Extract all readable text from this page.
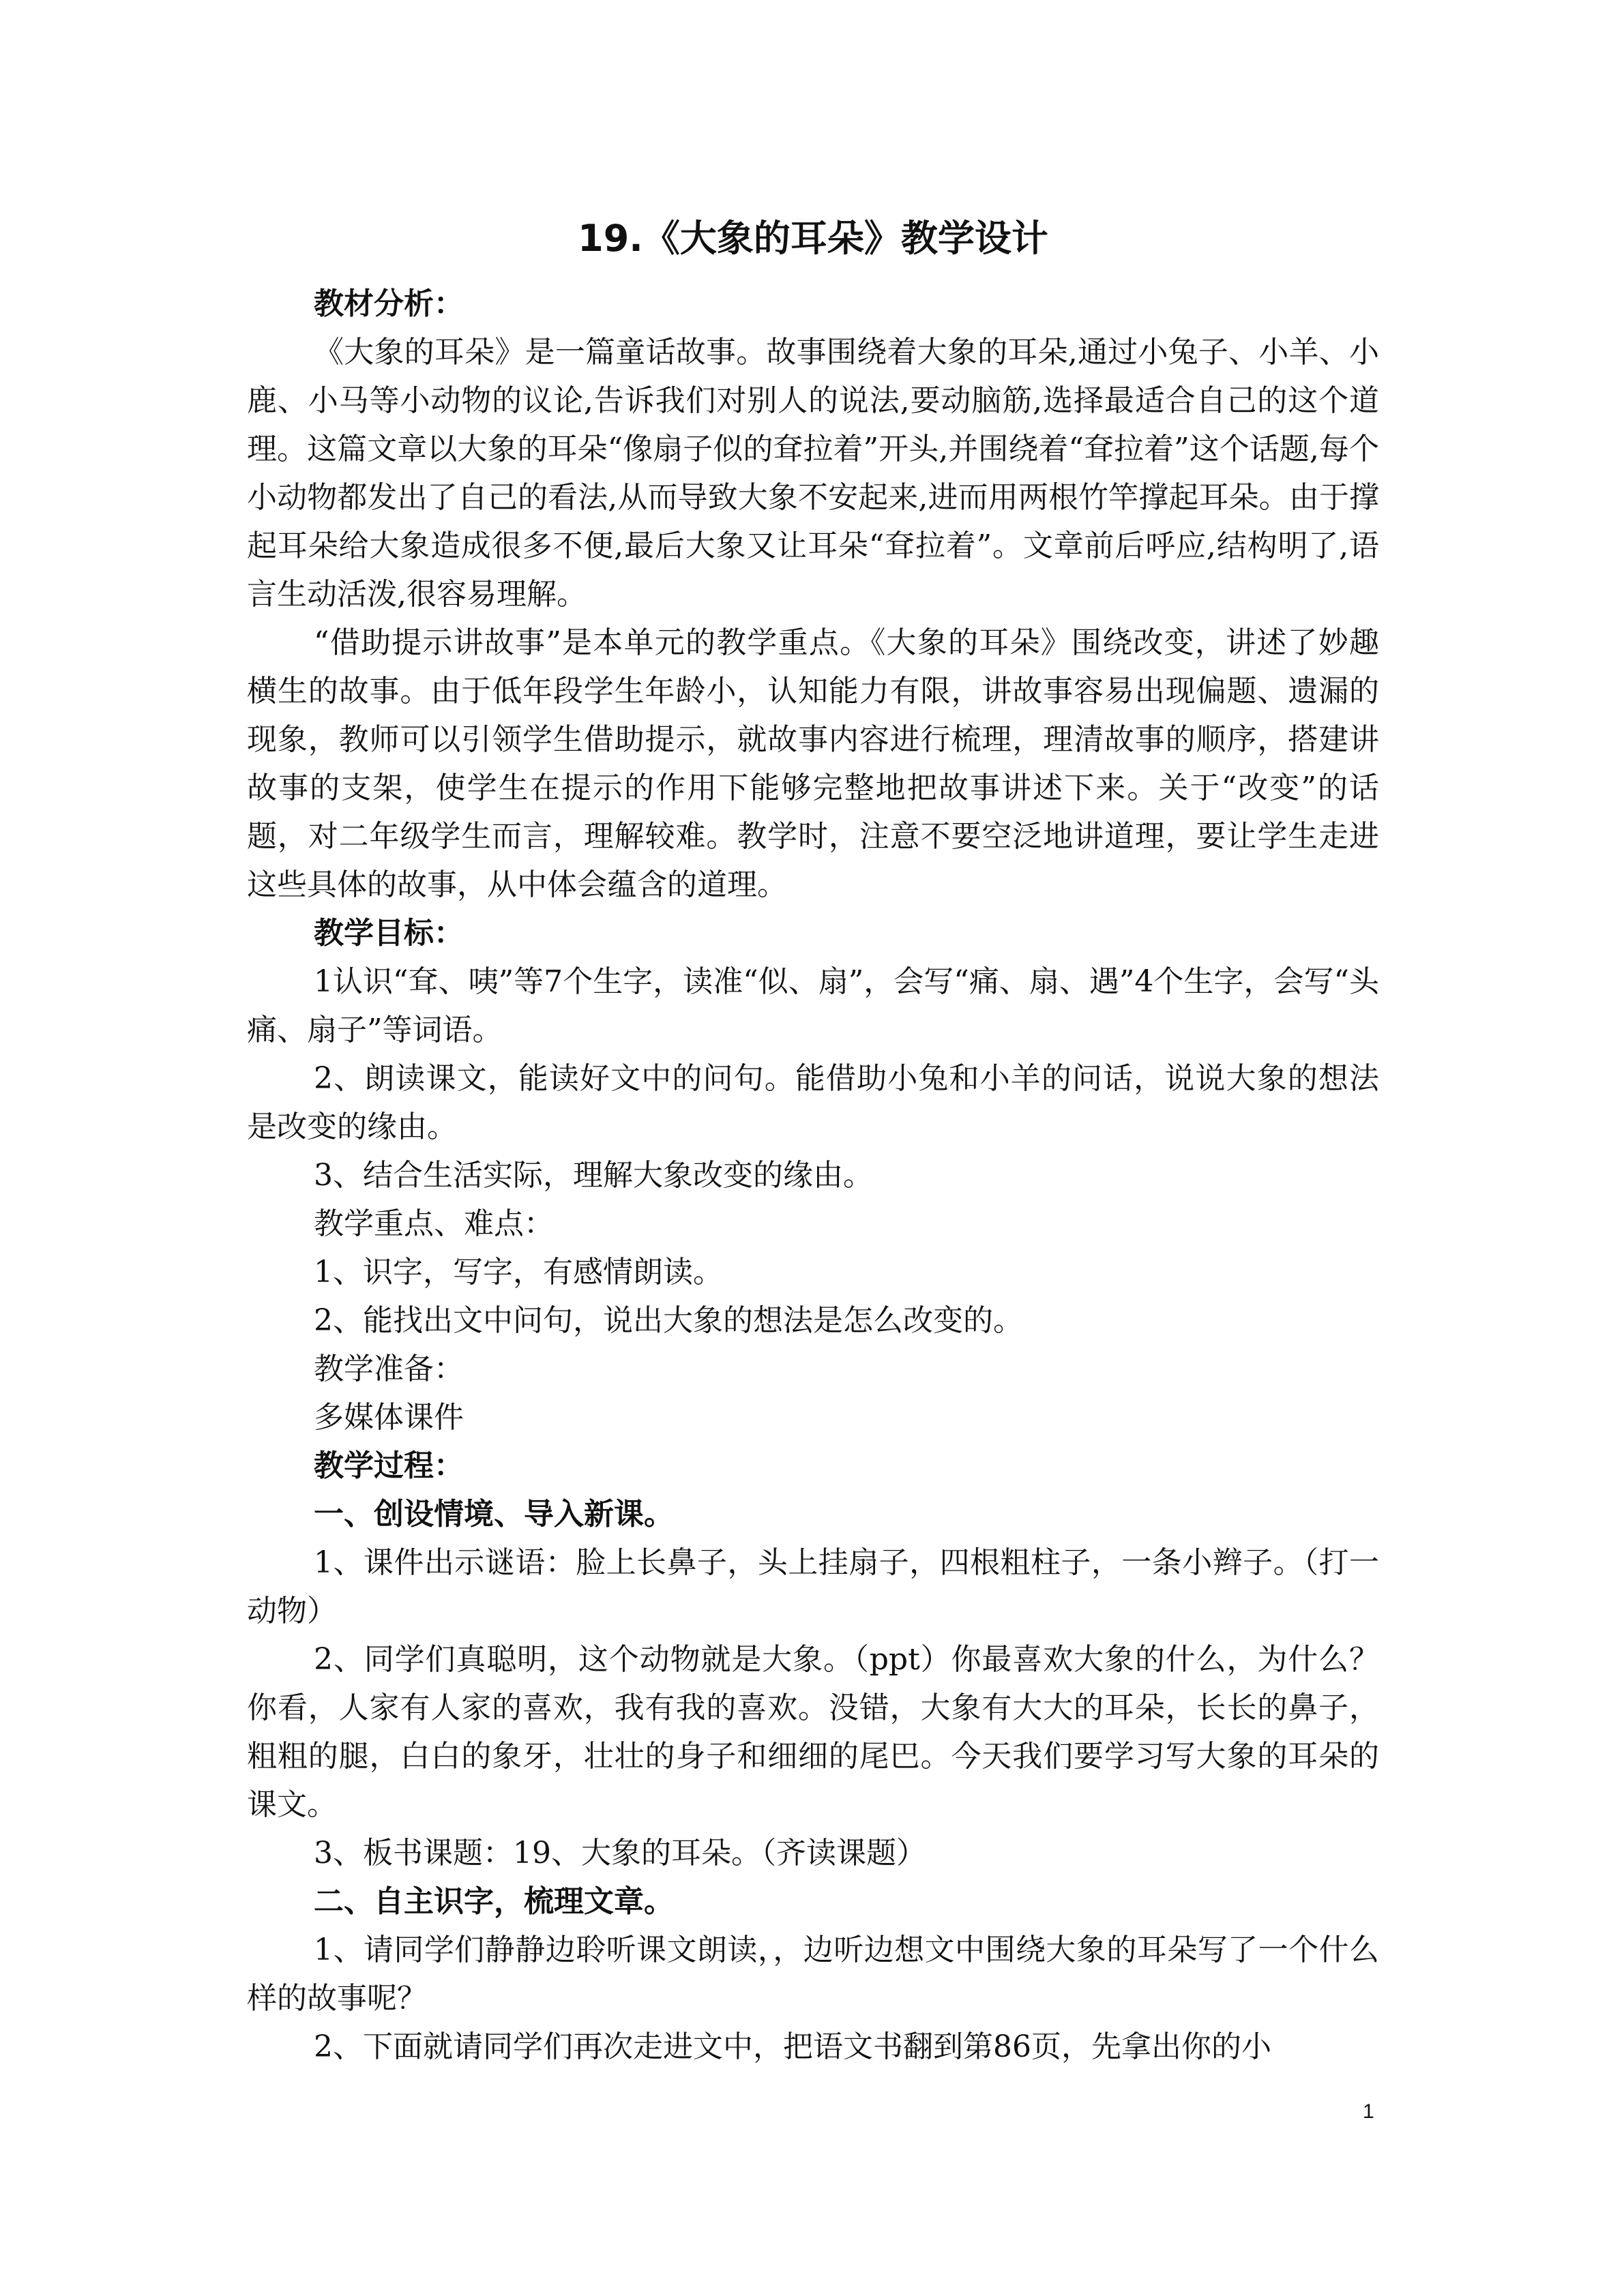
19.《大象的耳朵》教学设计

教材分析：

《大象的耳朵》是一篇童话故事。故事围绕着大象的耳朵,通过小兔子、小羊、小鹿、小马等小动物的议论,告诉我们对别人的说法,要动脑筋,选择最适合自己的这个道理。这篇文章以大象的耳朵“像扇子似的耷拉着”开头,并围绕着“耷拉着”这个话题,每个小动物都发出了自己的看法,从而导致大象不安起来,进而用两根竹竿撑起耳朵。由于撑起耳朵给大象造成很多不便,最后大象又让耳朵“耷拉着”。文章前后呼应,结构明了,语言生动活泼,很容易理解。

“借助提示讲故事”是本单元的教学重点。《大象的耳朵》围绕改变，讲述了妙趣横生的故事。由于低年段学生年龄小，认知能力有限，讲故事容易出现偏题、遗漏的现象，教师可以引领学生借助提示，就故事内容进行梳理，理清故事的顺序，搭建讲故事的支架，使学生在提示的作用下能够完整地把故事讲述下来。关于“改变”的话题，对二年级学生而言，理解较难。教学时，注意不要空泛地讲道理，要让学生走进这些具体的故事，从中体会蕴含的道理。

教学目标：

1认识“耷、咦”等7个生字，读准“似、扇”，会写“痛、扇、遇”4个生字，会写“头痛、扇子”等词语。

2、朗读课文，能读好文中的问句。能借助小兔和小羊的问话，说说大象的想法是改变的缘由。

3、结合生活实际，理解大象改变的缘由。

教学重点、难点：

1、识字，写字，有感情朗读。

2、能找出文中问句，说出大象的想法是怎么改变的。

教学准备：

多媒体课件

教学过程：

一、创设情境、导入新课。

1、课件出示谜语：脸上长鼻子，头上挂扇子，四根粗柱子，一条小辫子。（打一动物）

2、同学们真聪明，这个动物就是大象。（ppt）你最喜欢大象的什么，为什么？你看，人家有人家的喜欢，我有我的喜欢。没错，大象有大大的耳朵，长长的鼻子，粗粗的腿，白白的象牙，壮壮的身子和细细的尾巴。今天我们要学习写大象的耳朵的课文。

3、板书课题：19、大象的耳朵。（齐读课题）

二、自主识字，梳理文章。

1、请同学们静静边聆听课文朗读，，边听边想文中围绕大象的耳朵写了一个什么样的故事呢？

2、下面就请同学们再次走进文中，把语文书翻到第86页，先拿出你的小

1
